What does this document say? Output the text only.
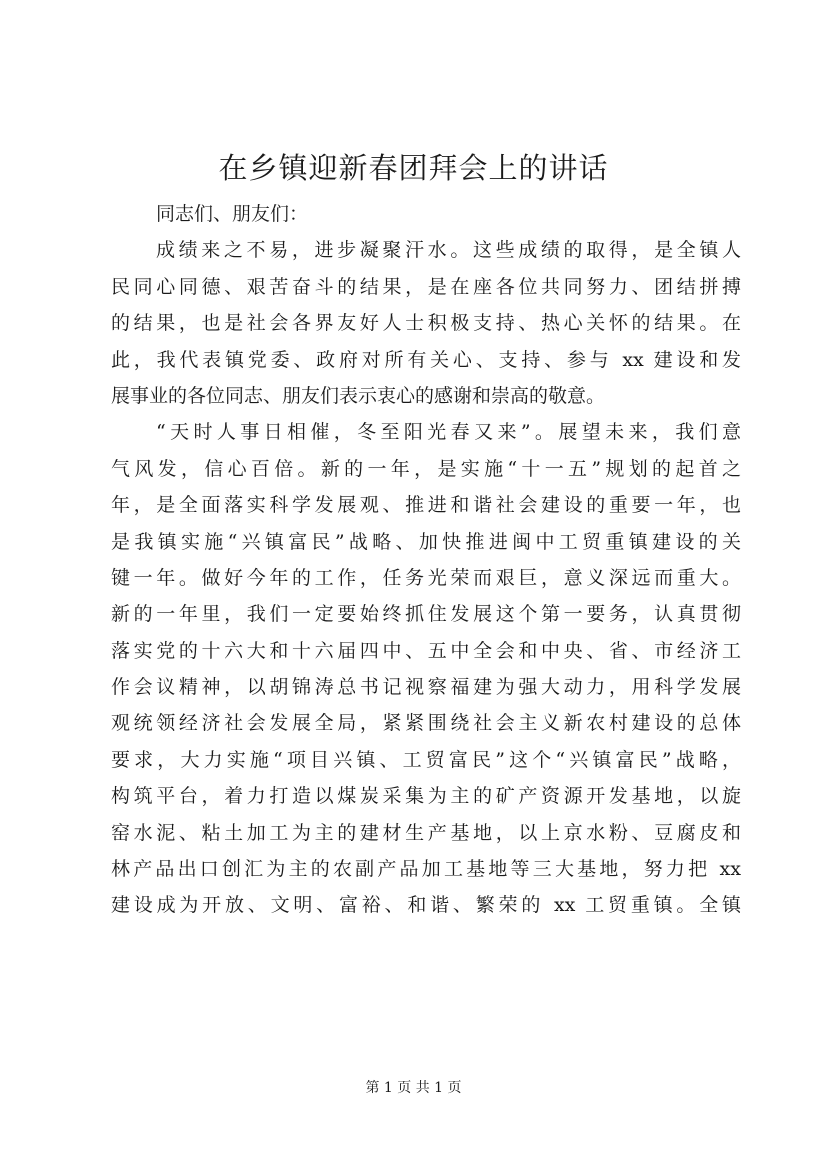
在乡镇迎新春团拜会上的讲话
同志们、朋友们：
成绩来之不易，进步凝聚汗水。这些成绩的取得，是全镇人
民同心同德、艰苦奋斗的结果，是在座各位共同努力、团结拼搏
的结果，也是社会各界友好人士积极支持、热心关怀的结果。在
此，我代表镇党委、政府对所有关心、支持、参与 xx 建设和发
展事业的各位同志、朋友们表示衷心的感谢和崇高的敬意。
“天时人事日相催，冬至阳光春又来”。展望未来，我们意
气风发，信心百倍。新的一年，是实施“十一五”规划的起首之
年，是全面落实科学发展观、推进和谐社会建设的重要一年，也
是我镇实施“兴镇富民”战略、加快推进闽中工贸重镇建设的关
键一年。做好今年的工作，任务光荣而艰巨，意义深远而重大。
新的一年里，我们一定要始终抓住发展这个第一要务，认真贯彻
落实党的十六大和十六届四中、五中全会和中央、省、市经济工
作会议精神，以胡锦涛总书记视察福建为强大动力，用科学发展
观统领经济社会发展全局，紧紧围绕社会主义新农村建设的总体
要求，大力实施“项目兴镇、工贸富民”这个“兴镇富民”战略，
构筑平台，着力打造以煤炭采集为主的矿产资源开发基地，以旋
窑水泥、粘土加工为主的建材生产基地，以上京水粉、豆腐皮和
林产品出口创汇为主的农副产品加工基地等三大基地，努力把 xx
建设成为开放、文明、富裕、和谐、繁荣的 xx 工贸重镇。全镇
第 1 页 共 1 页
